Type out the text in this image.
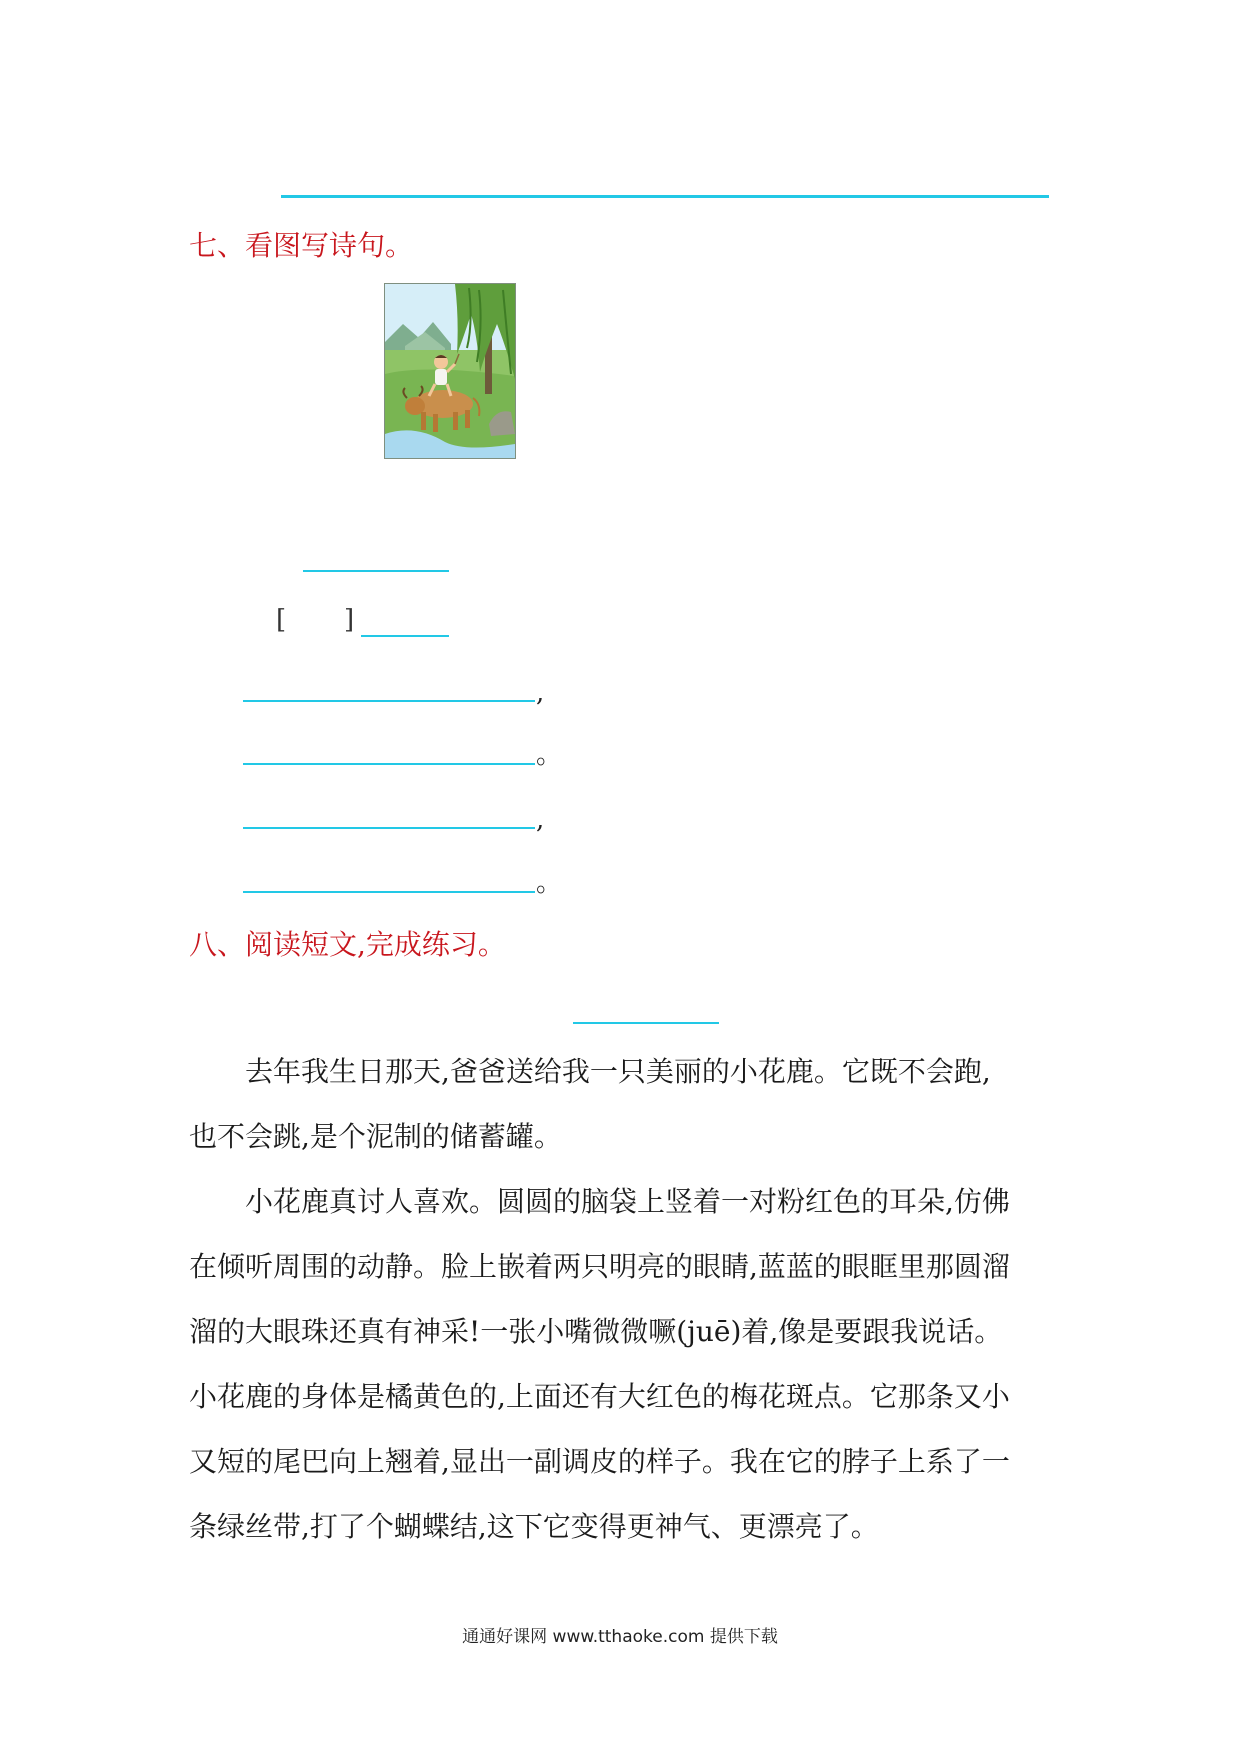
七、看图写诗句。
[ ]
,
。
,
。
八、阅读短文,完成练习。
去年我生日那天,爸爸送给我一只美丽的小花鹿。它既不会跑,
也不会跳,是个泥制的储蓄罐。
小花鹿真讨人喜欢。圆圆的脑袋上竖着一对粉红色的耳朵,仿佛
在倾听周围的动静。脸上嵌着两只明亮的眼睛,蓝蓝的眼眶里那圆溜
溜的大眼珠还真有神采!一张小嘴微微噘(juē)着,像是要跟我说话。
小花鹿的身体是橘黄色的,上面还有大红色的梅花斑点。它那条又小
又短的尾巴向上翘着,显出一副调皮的样子。我在它的脖子上系了一
条绿丝带,打了个蝴蝶结,这下它变得更神气、更漂亮了。
通通好课网 www.tthaoke.com 提供下载
